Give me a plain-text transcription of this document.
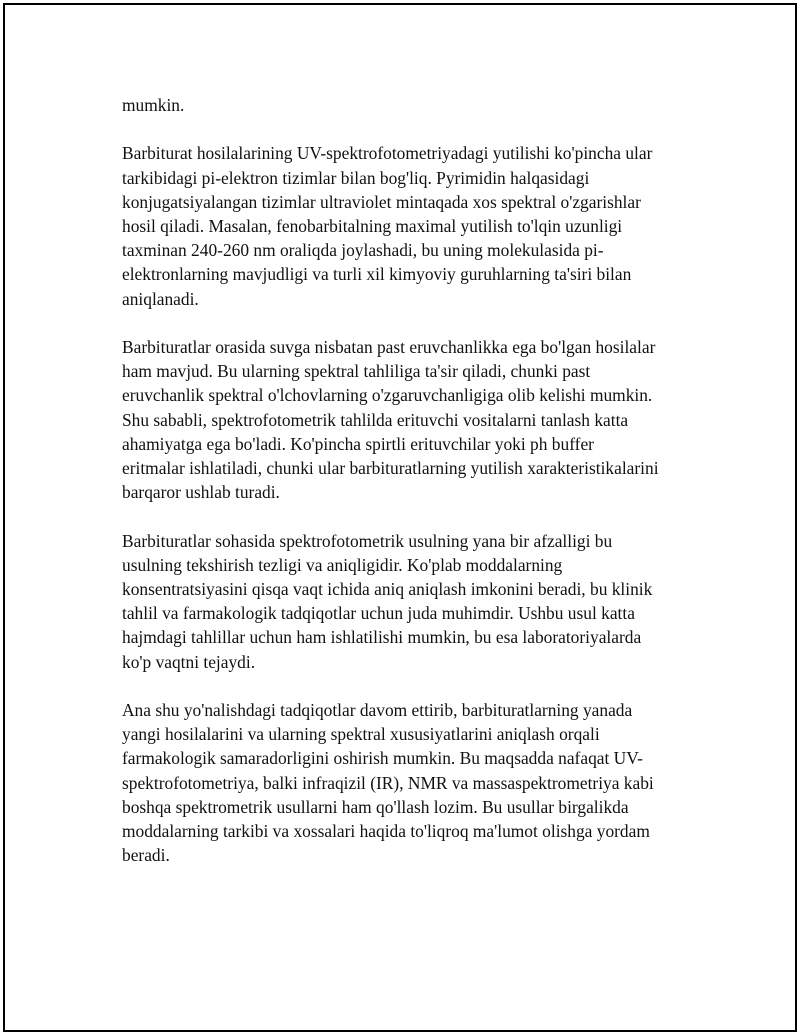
mumkin.

Barbiturat hosilalarining UV-spektrofotometriyadagi yutilishi ko'pincha ular
tarkibidagi pi-elektron tizimlar bilan bog'liq. Pyrimidin halqasidagi
konjugatsiyalangan tizimlar ultraviolet mintaqada xos spektral o'zgarishlar
hosil qiladi. Masalan, fenobarbitalning maximal yutilish to'lqin uzunligi
taxminan 240-260 nm oraliqda joylashadi, bu uning molekulasida pi-
elektronlarning mavjudligi va turli xil kimyoviy guruhlarning ta'siri bilan
aniqlanadi.

Barbituratlar orasida suvga nisbatan past eruvchanlikka ega bo'lgan hosilalar
ham mavjud. Bu ularning spektral tahliliga ta'sir qiladi, chunki past
eruvchanlik spektral o'lchovlarning o'zgaruvchanligiga olib kelishi mumkin.
Shu sababli, spektrofotometrik tahlilda erituvchi vositalarni tanlash katta
ahamiyatga ega bo'ladi. Ko'pincha spirtli erituvchilar yoki ph buffer
eritmalar ishlatiladi, chunki ular barbituratlarning yutilish xarakteristikalarini
barqaror ushlab turadi.

Barbituratlar sohasida spektrofotometrik usulning yana bir afzalligi bu
usulning tekshirish tezligi va aniqligidir. Ko'plab moddalarning
konsentratsiyasini qisqa vaqt ichida aniq aniqlash imkonini beradi, bu klinik
tahlil va farmakologik tadqiqotlar uchun juda muhimdir. Ushbu usul katta
hajmdagi tahlillar uchun ham ishlatilishi mumkin, bu esa laboratoriyalarda
ko'p vaqtni tejaydi.

Ana shu yo'nalishdagi tadqiqotlar davom ettirib, barbituratlarning yanada
yangi hosilalarini va ularning spektral xususiyatlarini aniqlash orqali
farmakologik samaradorligini oshirish mumkin. Bu maqsadda nafaqat UV-
spektrofotometriya, balki infraqizil (IR), NMR va massaspektrometriya kabi
boshqa spektrometrik usullarni ham qo'llash lozim. Bu usullar birgalikda
moddalarning tarkibi va xossalari haqida to'liqroq ma'lumot olishga yordam
beradi.
